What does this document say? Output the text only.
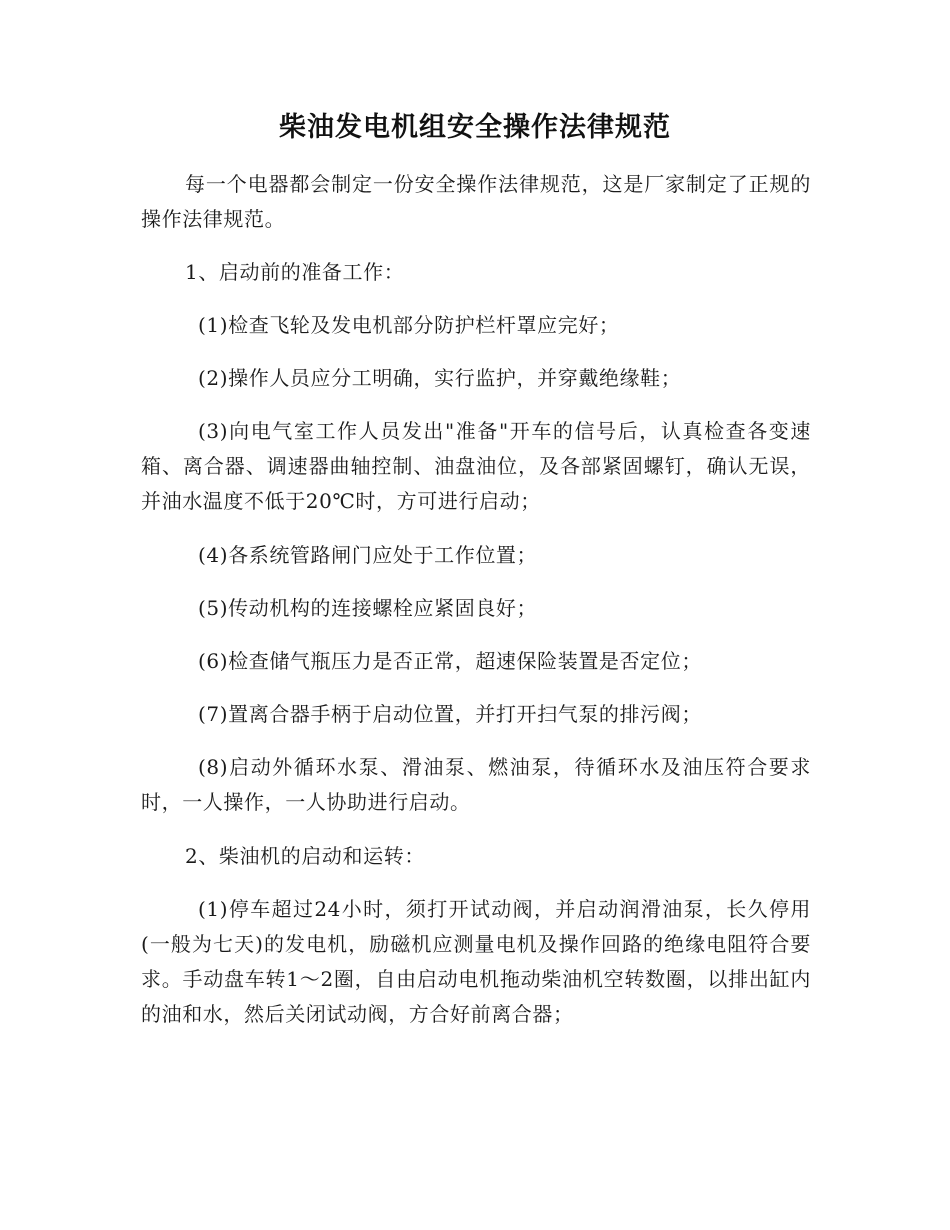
柴油发电机组安全操作法律规范
每一个电器都会制定一份安全操作法律规范，这是厂家制定了正规的操作法律规范。
1、启动前的准备工作：
(1)检查飞轮及发电机部分防护栏杆罩应完好；
(2)操作人员应分工明确，实行监护，并穿戴绝缘鞋；
(3)向电气室工作人员发出"准备"开车的信号后，认真检查各变速箱、离合器、调速器曲轴控制、油盘油位，及各部紧固螺钉，确认无误，并油水温度不低于20℃时，方可进行启动；
(4)各系统管路闸门应处于工作位置；
(5)传动机构的连接螺栓应紧固良好；
(6)检查储气瓶压力是否正常，超速保险装置是否定位；
(7)置离合器手柄于启动位置，并打开扫气泵的排污阀；
(8)启动外循环水泵、滑油泵、燃油泵，待循环水及油压符合要求时，一人操作，一人协助进行启动。
2、柴油机的启动和运转：
(1)停车超过24小时，须打开试动阀，并启动润滑油泵，长久停用(一般为七天)的发电机，励磁机应测量电机及操作回路的绝缘电阻符合要求。手动盘车转1～2圈，自由启动电机拖动柴油机空转数圈，以排出缸内的油和水，然后关闭试动阀，方合好前离合器；
